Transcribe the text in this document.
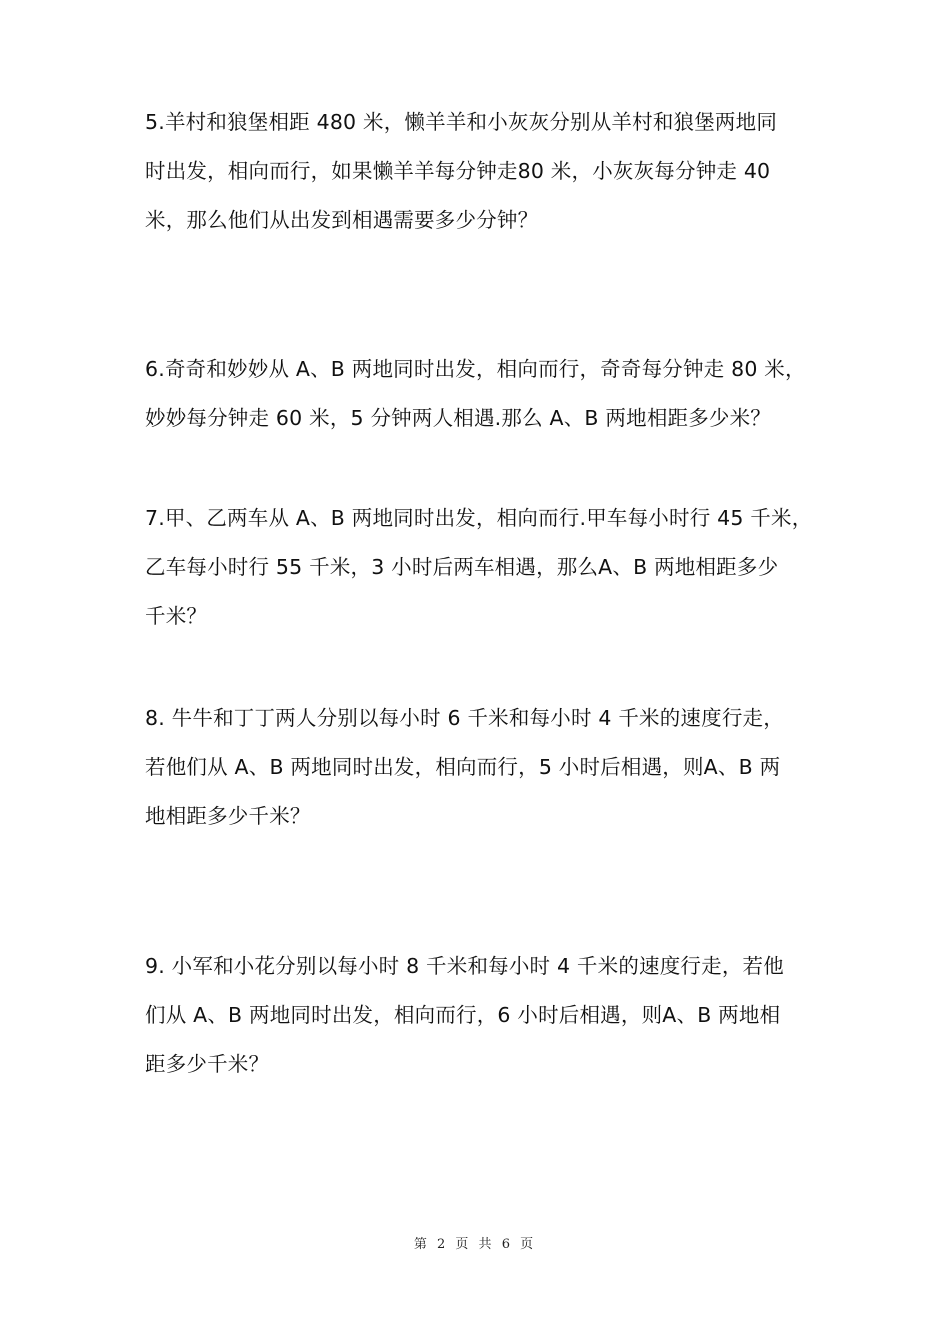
5.羊村和狼堡相距 480 米，懒羊羊和小灰灰分别从羊村和狼堡两地同
时出发，相向而行，如果懒羊羊每分钟走80 米，小灰灰每分钟走 40
米，那么他们从出发到相遇需要多少分钟？
6.奇奇和妙妙从 A、B 两地同时出发，相向而行，奇奇每分钟走 80 米，
妙妙每分钟走 60 米，5 分钟两人相遇.那么 A、B 两地相距多少米？
7.甲、乙两车从 A、B 两地同时出发，相向而行.甲车每小时行 45 千米，
乙车每小时行 55 千米，3 小时后两车相遇，那么A、B 两地相距多少
千米？
8. 牛牛和丁丁两人分别以每小时 6 千米和每小时 4 千米的速度行走，
若他们从 A、B 两地同时出发，相向而行，5 小时后相遇，则A、B 两
地相距多少千米？
9. 小军和小花分别以每小时 8 千米和每小时 4 千米的速度行走，若他
们从 A、B 两地同时出发，相向而行，6 小时后相遇，则A、B 两地相
距多少千米？
第 2 页 共 6 页
